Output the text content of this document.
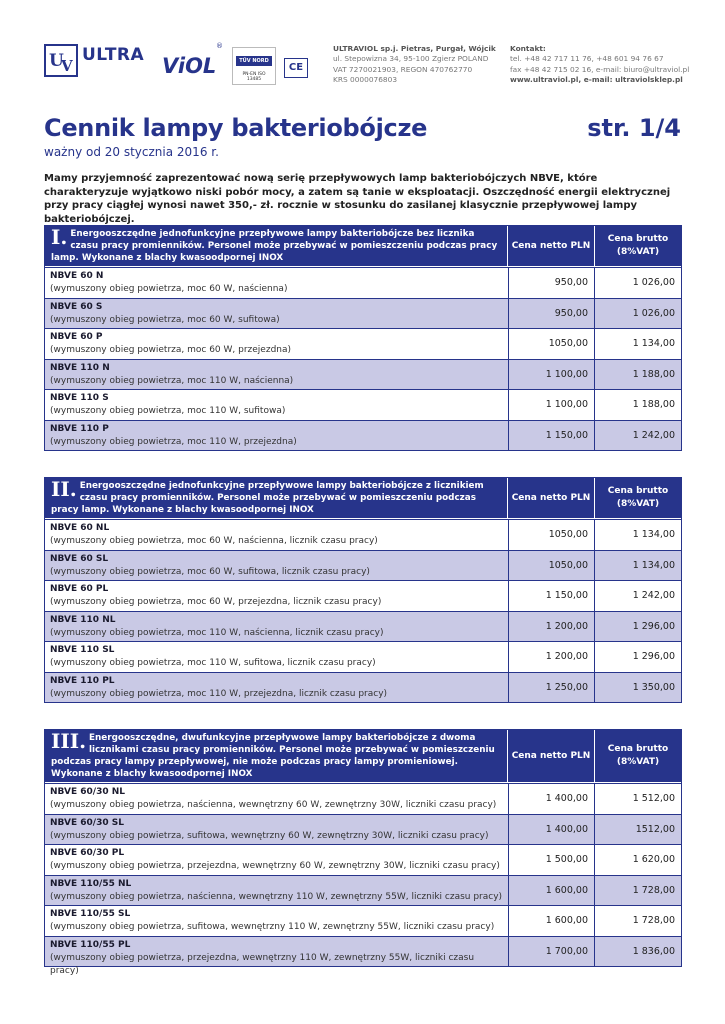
U
V
ULTRA ViOL
®
TÜV NORD
PN-EN ISO 13485
CE
ULTRAVIOL sp.j. Pietras, Purgał, Wójcik
ul. Stepowizna 34, 95-100 Zgierz POLAND
VAT 7270021903, REGON 470762770
KRS 0000076803
Kontakt:
tel. +48 42 717 11 76, +48 601 94 76 67
fax +48 42 715 02 16, e-mail: biuro@ultraviol.pl
www.ultraviol.pl, e-mail: ultraviolsklep.pl
Cennik lampy bakteriobójcze	str. 1/4
ważny od 20 stycznia 2016 r.
Mamy przyjemność zaprezentować nową serię przepływowych lamp bakteriobójczych NBVE, które charakteryzuje wyjątkowo niski pobór mocy, a zatem są tanie w eksploatacji. Oszczędność energii elektrycznej przy pracy ciągłej wynosi nawet 350,- zł. rocznie w stosunku do zasilanej klasycznie przepływowej lampy bakteriobójczej.
I. Energooszczędne jednofunkcyjne przepływowe lampy bakteriobójcze bez licznika czasu pracy promienników. Personel może przebywać w pomieszczeniu podczas pracy lamp. Wykonane z blachy kwasoodpornej INOX
Cena netto PLN
Cena brutto (8%VAT)
NBVE 60 N
(wymuszony obieg powietrza, moc 60 W, naścienna)
950,00	1 026,00
NBVE 60 S
(wymuszony obieg powietrza, moc 60 W, sufitowa)
950,00	1 026,00
NBVE 60 P
(wymuszony obieg powietrza, moc 60 W, przejezdna)
1050,00	1 134,00
NBVE 110 N
(wymuszony obieg powietrza, moc 110 W, naścienna)
1 100,00	1 188,00
NBVE 110 S
(wymuszony obieg powietrza, moc 110 W, sufitowa)
1 100,00	1 188,00
NBVE 110 P
(wymuszony obieg powietrza, moc 110 W, przejezdna)
1 150,00	1 242,00
II. Energooszczędne jednofunkcyjne przepływowe lampy bakteriobójcze z licznikiem czasu pracy promienników. Personel może przebywać w pomieszczeniu podczas pracy lamp. Wykonane z blachy kwasoodpornej INOX
Cena netto PLN
Cena brutto (8%VAT)
NBVE 60 NL
(wymuszony obieg powietrza, moc 60 W, naścienna, licznik czasu pracy)
1050,00	1 134,00
NBVE 60 SL
(wymuszony obieg powietrza, moc 60 W, sufitowa, licznik czasu pracy)
1050,00	1 134,00
NBVE 60 PL
(wymuszony obieg powietrza, moc 60 W, przejezdna, licznik czasu pracy)
1 150,00	1 242,00
NBVE 110 NL
(wymuszony obieg powietrza, moc 110 W, naścienna, licznik czasu pracy)
1 200,00	1 296,00
NBVE 110 SL
(wymuszony obieg powietrza, moc 110 W, sufitowa, licznik czasu pracy)
1 200,00	1 296,00
NBVE 110 PL
(wymuszony obieg powietrza, moc 110 W, przejezdna, licznik czasu pracy)
1 250,00	1 350,00
III. Energooszczędne, dwufunkcyjne przepływowe lampy bakteriobójcze z dwoma licznikami czasu pracy promienników. Personel może przebywać w pomieszczeniu podczas pracy lampy przepływowej, nie może podczas pracy lampy promieniowej. Wykonane z blachy kwasoodpornej INOX
Cena netto PLN
Cena brutto (8%VAT)
NBVE 60/30 NL
(wymuszony obieg powietrza, naścienna, wewnętrzny 60 W, zewnętrzny 30W, liczniki czasu pracy)
1 400,00	1 512,00
NBVE 60/30 SL
(wymuszony obieg powietrza, sufitowa, wewnętrzny 60 W, zewnętrzny 30W, liczniki czasu pracy)
1 400,00	1512,00
NBVE 60/30 PL
(wymuszony obieg powietrza, przejezdna, wewnętrzny 60 W, zewnętrzny 30W, liczniki czasu pracy)
1 500,00	1 620,00
NBVE 110/55 NL
(wymuszony obieg powietrza, naścienna, wewnętrzny 110 W, zewnętrzny 55W, liczniki czasu pracy)
1 600,00	1 728,00
NBVE 110/55 SL
(wymuszony obieg powietrza, sufitowa, wewnętrzny 110 W, zewnętrzny 55W, liczniki czasu pracy)
1 600,00	1 728,00
NBVE 110/55 PL
(wymuszony obieg powietrza, przejezdna, wewnętrzny 110 W, zewnętrzny 55W, liczniki czasu pracy)
1 700,00	1 836,00
